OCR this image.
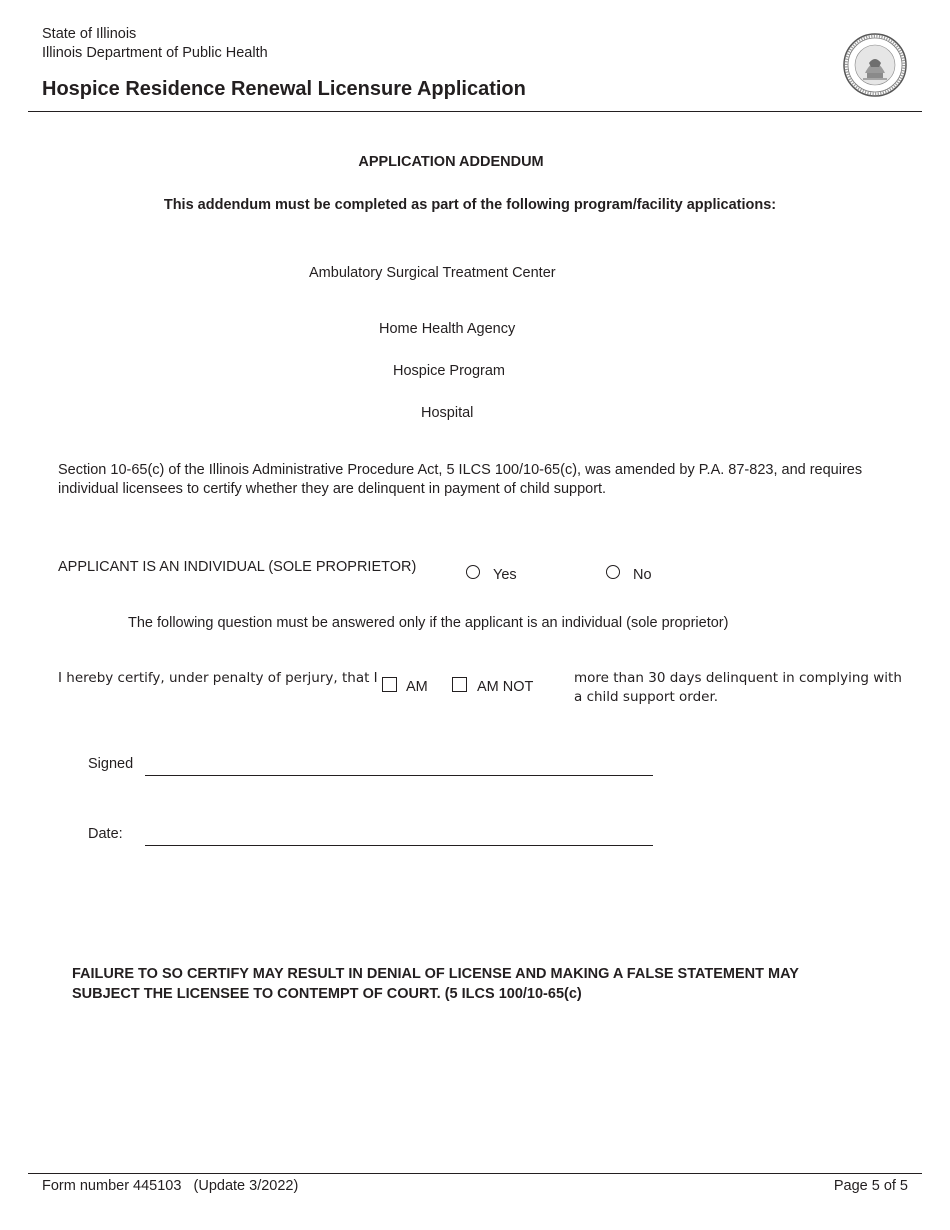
State of Illinois
Illinois Department of Public Health
Hospice Residence Renewal Licensure Application
APPLICATION ADDENDUM
This addendum must be completed as part of the following program/facility applications:
Ambulatory Surgical Treatment Center
Home Health Agency
Hospice Program
Hospital
Section 10-65(c) of the Illinois Administrative Procedure Act, 5 ILCS 100/10-65(c), was amended by P.A. 87-823, and requires individual licensees to certify whether they are delinquent in payment of child support.
APPLICANT IS AN INDIVIDUAL (SOLE PROPRIETOR)	Yes	No
The following question must be answered only if the applicant is an individual (sole proprietor)
I hereby certify, under penalty of perjury, that I
AM	AM NOT
more than 30 days delinquent in complying with
a child support order.
Signed
Date:
FAILURE TO SO CERTIFY MAY RESULT IN DENIAL OF LICENSE AND MAKING A FALSE STATEMENT MAY
SUBJECT THE LICENSEE TO CONTEMPT OF COURT. (5 ILCS 100/10-65(c)
Form number 445103   (Update 3/2022)	Page 5 of 5
